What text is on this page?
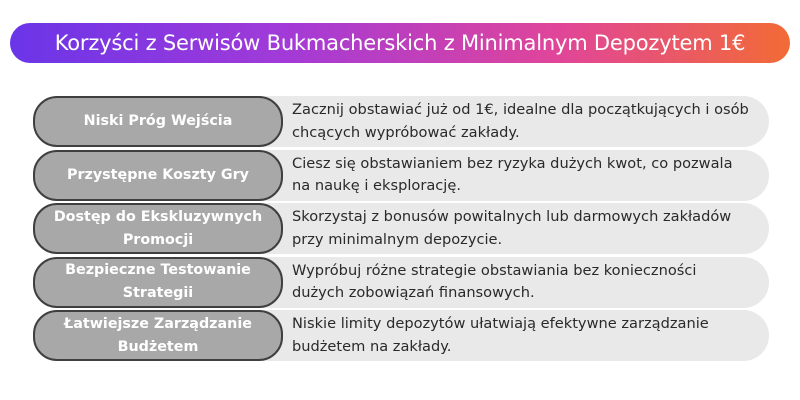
Korzyści z Serwisów Bukmacherskich z Minimalnym Depozytem 1€
Zacznij obstawiać już od 1€, idealne dla początkujących i osób chcących wypróbować zakłady.
Niski Próg Wejścia
Ciesz się obstawianiem bez ryzyka dużych kwot, co pozwala na naukę i eksplorację.
Przystępne Koszty Gry
Skorzystaj z bonusów powitalnych lub darmowych zakładów przy minimalnym depozycie.
Dostęp do Ekskluzywnych Promocji
Wypróbuj różne strategie obstawiania bez konieczności dużych zobowiązań finansowych.
Bezpieczne Testowanie Strategii
Niskie limity depozytów ułatwiają efektywne zarządzanie budżetem na zakłady.
Łatwiejsze Zarządzanie Budżetem
